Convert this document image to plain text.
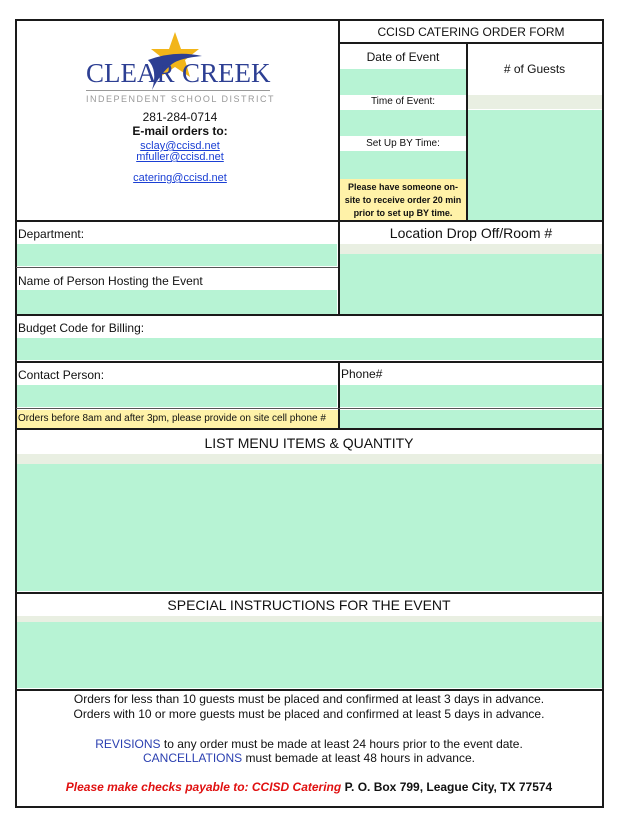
CLEAR CREEK
INDEPENDENT SCHOOL DISTRICT
281-284-0714
E-mail orders to:
sclay@ccisd.net
mfuller@ccisd.net
catering@ccisd.net
CCISD CATERING ORDER FORM
Date of Event
# of Guests
Time of Event:
Set Up BY Time:
Please have someone on-site to receive order 20 min prior to set up BY time.
Department:	Location Drop Off/Room #
Name of Person Hosting the Event
Budget Code for Billing:
Contact Person:	Phone#
Orders before 8am and after 3pm, please provide on site cell phone #
LIST MENU ITEMS & QUANTITY
SPECIAL INSTRUCTIONS FOR THE EVENT
Orders for less than 10 guests must be placed and confirmed at least 3 days in advance.
Orders with 10 or more guests must be placed and confirmed at least 5 days in advance.
REVISIONS to any order must be made at least 24 hours prior to the event date.
CANCELLATIONS must bemade at least 48 hours in advance.
Please make checks payable to: CCISD Catering P. O. Box 799, League City, TX 77574
